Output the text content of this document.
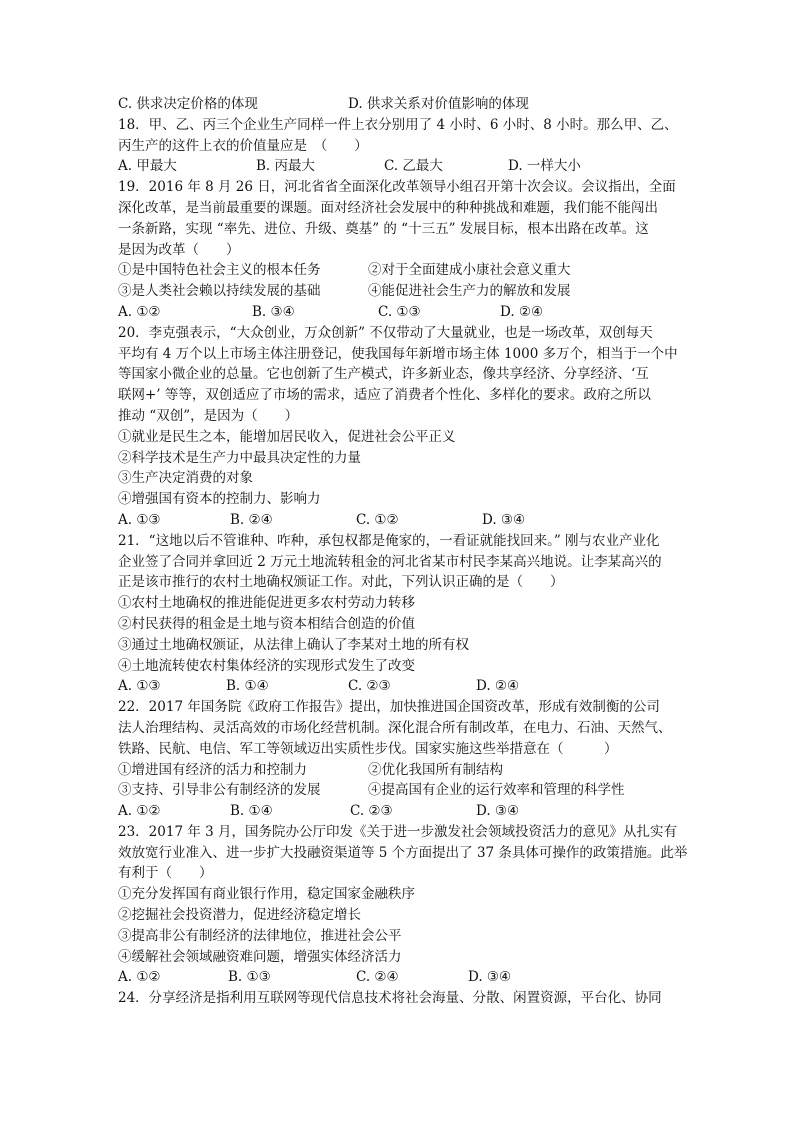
C. 供求决定价格的体现	D. 供求关系对价值影响的体现
18．甲、乙、丙三个企业生产同样一件上衣分别用了 4 小时、6 小时、8 小时。那么甲、乙、
丙生产的这件上衣的价值量应是　（　　）
A. 甲最大	B. 丙最大	C. 乙最大	D. 一样大小
19．2016 年 8 月 26 日，河北省省全面深化改革领导小组召开第十次会议。会议指出，全面
深化改革，是当前最重要的课题。面对经济社会发展中的种种挑战和难题，我们能不能闯出
一条新路，实现 “率先、进位、升级、奠基” 的 “十三五” 发展目标，根本出路在改革。这
是因为改革（　　）
①是中国特色社会主义的根本任务	②对于全面建成小康社会意义重大
③是人类社会赖以持续发展的基础	④能促进社会生产力的解放和发展
A. ①②	B. ③④	C. ①③	D. ②④
20．李克强表示，“大众创业，万众创新” 不仅带动了大量就业，也是一场改革，双创每天
平均有 4 万个以上市场主体注册登记，使我国每年新增市场主体 1000 多万个，相当于一个中
等国家小微企业的总量。它也创新了生产模式，许多新业态，像共享经济、分享经济、‘互
联网+’ 等等，双创适应了市场的需求，适应了消费者个性化、多样化的要求。政府之所以
推动 “双创”，是因为（　　）
①就业是民生之本，能增加居民收入，促进社会公平正义
②科学技术是生产力中最具决定性的力量
③生产决定消费的对象
④增强国有资本的控制力、影响力
A. ①③	B. ②④	C. ①②	D. ③④
21．“这地以后不管谁种、咋种，承包权都是俺家的，一看证就能找回来。” 刚与农业产业化
企业签了合同并拿回近 2 万元土地流转租金的河北省某市村民李某高兴地说。让李某高兴的
正是该市推行的农村土地确权颁证工作。对此，下列认识正确的是（　　）
①农村土地确权的推进能促进更多农村劳动力转移
②村民获得的租金是土地与资本相结合创造的价值
③通过土地确权颁证，从法律上确认了李某对土地的所有权
④土地流转使农村集体经济的实现形式发生了改变
A. ①③	B. ①④	C. ②③	D. ②④
22．2017 年国务院《政府工作报告》提出，加快推进国企国资改革，形成有效制衡的公司
法人治理结构、灵活高效的市场化经营机制。深化混合所有制改革，在电力、石油、天然气、
铁路、民航、电信、军工等领域迈出实质性步伐。国家实施这些举措意在（　　　）
①增进国有经济的活力和控制力	②优化我国所有制结构
③支持、引导非公有制经济的发展	④提高国有企业的运行效率和管理的科学性
A. ①②	B. ①④	C. ②③	D. ③④
23．2017 年 3 月，国务院办公厅印发《关于进一步激发社会领域投资活力的意见》从扎实有
效放宽行业准入、进一步扩大投融资渠道等 5 个方面提出了 37 条具体可操作的政策措施。此举
有利于（　　）
①充分发挥国有商业银行作用，稳定国家金融秩序
②挖掘社会投资潜力，促进经济稳定增长
③提高非公有制经济的法律地位，推进社会公平
④缓解社会领域融资难问题，增强实体经济活力
A. ①②	B. ①③	C. ②④	D. ③④
24．分享经济是指利用互联网等现代信息技术将社会海量、分散、闲置资源，平台化、协同
